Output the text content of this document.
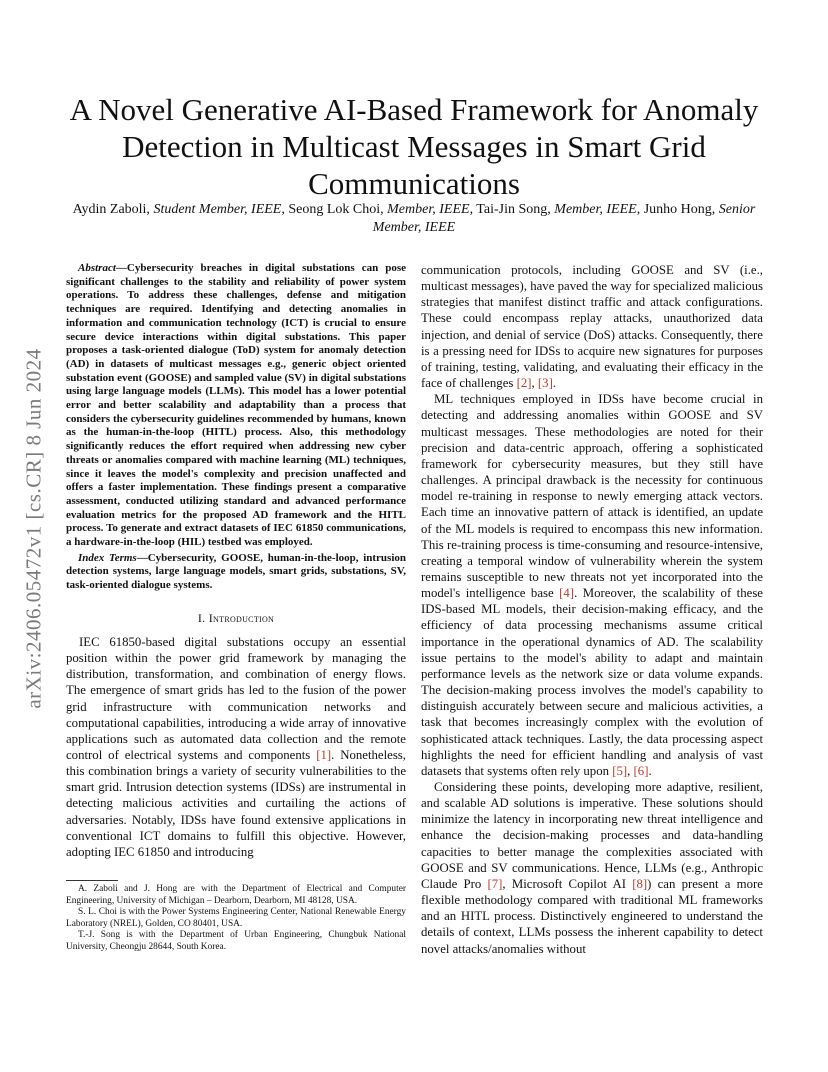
arXiv:2406.05472v1 [cs.CR] 8 Jun 2024
A Novel Generative AI-Based Framework for Anomaly Detection in Multicast Messages in Smart Grid Communications
Aydin Zaboli, Student Member, IEEE, Seong Lok Choi, Member, IEEE, Tai-Jin Song, Member, IEEE, Junho Hong, Senior Member, IEEE

Abstract—Cybersecurity breaches in digital substations can pose significant challenges to the stability and reliability of power system operations. To address these challenges, defense and mitigation techniques are required. Identifying and detecting anomalies in information and communication technology (ICT) is crucial to ensure secure device interactions within digital substations. This paper proposes a task-oriented dialogue (ToD) system for anomaly detection (AD) in datasets of multicast messages e.g., generic object oriented substation event (GOOSE) and sampled value (SV) in digital substations using large language models (LLMs). This model has a lower potential error and better scalability and adaptability than a process that considers the cybersecurity guidelines recommended by humans, known as the human-in-the-loop (HITL) process. Also, this methodology significantly reduces the effort required when addressing new cyber threats or anomalies compared with machine learning (ML) techniques, since it leaves the model's complexity and precision unaffected and offers a faster implementation. These findings present a comparative assessment, conducted utilizing standard and advanced performance evaluation metrics for the proposed AD framework and the HITL process. To generate and extract datasets of IEC 61850 communications, a hardware-in-the-loop (HIL) testbed was employed.

Index Terms—Cybersecurity, GOOSE, human-in-the-loop, intrusion detection systems, large language models, smart grids, substations, SV, task-oriented dialogue systems.

I. Introduction

IEC 61850-based digital substations occupy an essential position within the power grid framework by managing the distribution, transformation, and combination of energy flows. The emergence of smart grids has led to the fusion of the power grid infrastructure with communication networks and computational capabilities, introducing a wide array of innovative applications such as automated data collection and the remote control of electrical systems and components [1]. Nonetheless, this combination brings a variety of security vulnerabilities to the smart grid. Intrusion detection systems (IDSs) are instrumental in detecting malicious activities and curtailing the actions of adversaries. Notably, IDSs have found extensive applications in conventional ICT domains to fulfill this objective. However, adopting IEC 61850 and introducing

A. Zaboli and J. Hong are with the Department of Electrical and Computer Engineering, University of Michigan – Dearborn, Dearborn, MI 48128, USA.

S. L. Choi is with the Power Systems Engineering Center, National Renewable Energy Laboratory (NREL), Golden, CO 80401, USA.

T.-J. Song is with the Department of Urban Engineering, Chungbuk National University, Cheongju 28644, South Korea.

communication protocols, including GOOSE and SV (i.e., multicast messages), have paved the way for specialized malicious strategies that manifest distinct traffic and attack configurations. These could encompass replay attacks, unauthorized data injection, and denial of service (DoS) attacks. Consequently, there is a pressing need for IDSs to acquire new signatures for purposes of training, testing, validating, and evaluating their efficacy in the face of challenges [2], [3].

ML techniques employed in IDSs have become crucial in detecting and addressing anomalies within GOOSE and SV multicast messages. These methodologies are noted for their precision and data-centric approach, offering a sophisticated framework for cybersecurity measures, but they still have challenges. A principal drawback is the necessity for continuous model re-training in response to newly emerging attack vectors. Each time an innovative pattern of attack is identified, an update of the ML models is required to encompass this new information. This re-training process is time-consuming and resource-intensive, creating a temporal window of vulnerability wherein the system remains susceptible to new threats not yet incorporated into the model's intelligence base [4]. Moreover, the scalability of these IDS-based ML models, their decision-making efficacy, and the efficiency of data processing mechanisms assume critical importance in the operational dynamics of AD. The scalability issue pertains to the model's ability to adapt and maintain performance levels as the network size or data volume expands. The decision-making process involves the model's capability to distinguish accurately between secure and malicious activities, a task that becomes increasingly complex with the evolution of sophisticated attack techniques. Lastly, the data processing aspect highlights the need for efficient handling and analysis of vast datasets that systems often rely upon [5], [6].

Considering these points, developing more adaptive, resilient, and scalable AD solutions is imperative. These solutions should minimize the latency in incorporating new threat intelligence and enhance the decision-making processes and data-handling capacities to better manage the complexities associated with GOOSE and SV communications. Hence, LLMs (e.g., Anthropic Claude Pro [7], Microsoft Copilot AI [8]) can present a more flexible methodology compared with traditional ML frameworks and an HITL process. Distinctively engineered to understand the details of context, LLMs possess the inherent capability to detect novel attacks/anomalies without
